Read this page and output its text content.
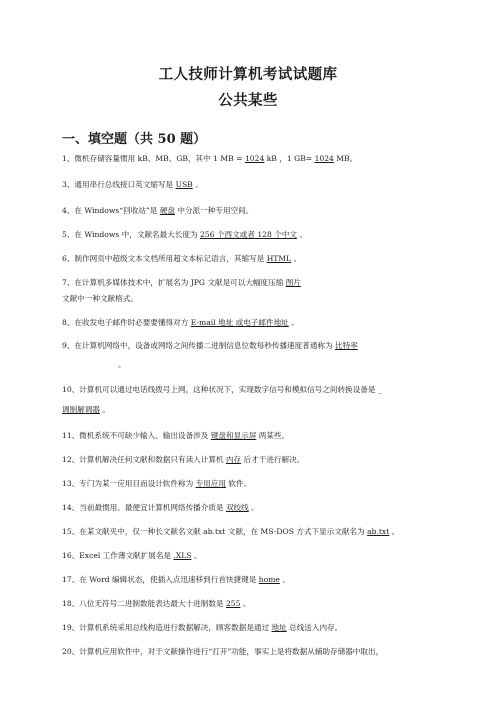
工人技师计算机考试试题库
公共某些
一、填空题（共 50 题）
1、微机存储容量惯用 kB、MB、GB，其中 1 MB = 1024 kB ，1 GB= 1024 MB。
3、通用串行总线接口英文缩写是 USB 。
4、在 Windows“回收站”是 硬盘 中分派一种专用空间。
5、在 Windows 中，文献名最大长度为 256 个西文或者 128 个中文 。
6、制作网页中超级文本文档所用超文本标记语言，其缩写是 HTML 。
7、在计算机多媒体技术中，扩展名为 JPG 文献是可以大幅度压缩 图片
文献中一种文献格式。
8、在收发电子邮件时必要要懂得对方 E-mail 地址 或电子邮件地址 。
9、在计算机网络中，设备或网络之间传播二进制信息位数每秒传播速度普通称为 比特率
。
10、计算机可以通过电话线拨号上网，这种状况下，实现数字信号和模拟信号之间转换设备是 _
调制解调器 。
11、微机系统不可缺少输入、输出设备涉及 键盘和显示屏 两某些。
12、计算机解决任何文献和数据只有读入计算机 内存 后才干进行解决。
13、专门为某一应用目而设计软件称为 专用应用 软件。
14、当前最惯用、最便宜计算机网络传播介质是 双绞线 。
15、在某文献夹中，仅一种长文献名文献 ab.txt 文献，在 MS-DOS 方式下显示文献名为 ab.txt 。
16、Excel 工作薄文献扩展名是 .XLS 。
17、在 Word 编辑状态，使插入点迅速移到行首快捷键是 home 。
18、八位无符号二进制数能表达最大十进制数是 255 。
19、计算机系统采用总线构造进行数据解决，顾客数据是通过 地址 总线送入内存。
20、计算机应用软件中，对于文献操作进行“打开”功能，事实上是将数据从辅助存储器中取出，
